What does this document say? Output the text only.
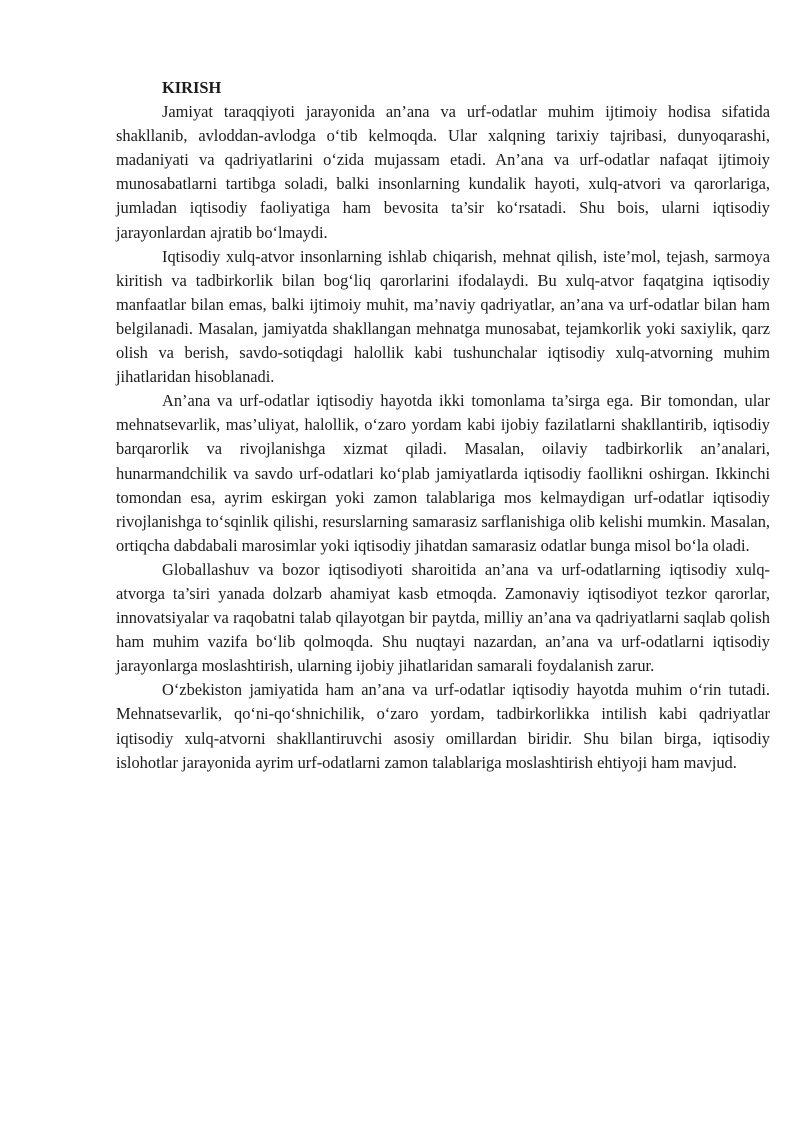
KIRISH

Jamiyat taraqqiyoti jarayonida an’ana va urf-odatlar muhim ijtimoiy hodisa sifatida shakllanib, avloddan-avlodga o‘tib kelmoqda. Ular xalqning tarixiy tajribasi, dunyoqarashi, madaniyati va qadriyatlarini o‘zida mujassam etadi. An’ana va urf-odatlar nafaqat ijtimoiy munosabatlarni tartibga soladi, balki insonlarning kundalik hayoti, xulq-atvori va qarorlariga, jumladan iqtisodiy faoliyatiga ham bevosita ta’sir ko‘rsatadi. Shu bois, ularni iqtisodiy jarayonlardan ajratib bo‘lmaydi.

Iqtisodiy xulq-atvor insonlarning ishlab chiqarish, mehnat qilish, iste’mol, tejash, sarmoya kiritish va tadbirkorlik bilan bog‘liq qarorlarini ifodalaydi. Bu xulq-atvor faqatgina iqtisodiy manfaatlar bilan emas, balki ijtimoiy muhit, ma’naviy qadriyatlar, an’ana va urf-odatlar bilan ham belgilanadi. Masalan, jamiyatda shakllangan mehnatga munosabat, tejamkorlik yoki saxiylik, qarz olish va berish, savdo-sotiqdagi halollik kabi tushunchalar iqtisodiy xulq-atvorning muhim jihatlaridan hisoblanadi.

An’ana va urf-odatlar iqtisodiy hayotda ikki tomonlama ta’sirga ega. Bir tomondan, ular mehnatsevarlik, mas’uliyat, halollik, o‘zaro yordam kabi ijobiy fazilatlarni shakllantirib, iqtisodiy barqarorlik va rivojlanishga xizmat qiladi. Masalan, oilaviy tadbirkorlik an’analari, hunarmandchilik va savdo urf-odatlari ko‘plab jamiyatlarda iqtisodiy faollikni oshirgan. Ikkinchi tomondan esa, ayrim eskirgan yoki zamon talablariga mos kelmaydigan urf-odatlar iqtisodiy rivojlanishga to‘sqinlik qilishi, resurslarning samarasiz sarflanishiga olib kelishi mumkin. Masalan, ortiqcha dabdabali marosimlar yoki iqtisodiy jihatdan samarasiz odatlar bunga misol bo‘la oladi.

Globallashuv va bozor iqtisodiyoti sharoitida an’ana va urf-odatlarning iqtisodiy xulq-atvorga ta’siri yanada dolzarb ahamiyat kasb etmoqda. Zamonaviy iqtisodiyot tezkor qarorlar, innovatsiyalar va raqobatni talab qilayotgan bir paytda, milliy an’ana va qadriyatlarni saqlab qolish ham muhim vazifa bo‘lib qolmoqda. Shu nuqtayi nazardan, an’ana va urf-odatlarni iqtisodiy jarayonlarga moslashtirish, ularning ijobiy jihatlaridan samarali foydalanish zarur.

O‘zbekiston jamiyatida ham an’ana va urf-odatlar iqtisodiy hayotda muhim o‘rin tutadi. Mehnatsevarlik, qo‘ni-qo‘shnichilik, o‘zaro yordam, tadbirkorlikka intilish kabi qadriyatlar iqtisodiy xulq-atvorni shakllantiruvchi asosiy omillardan biridir. Shu bilan birga, iqtisodiy islohotlar jarayonida ayrim urf-odatlarni zamon talablariga moslashtirish ehtiyoji ham mavjud.
